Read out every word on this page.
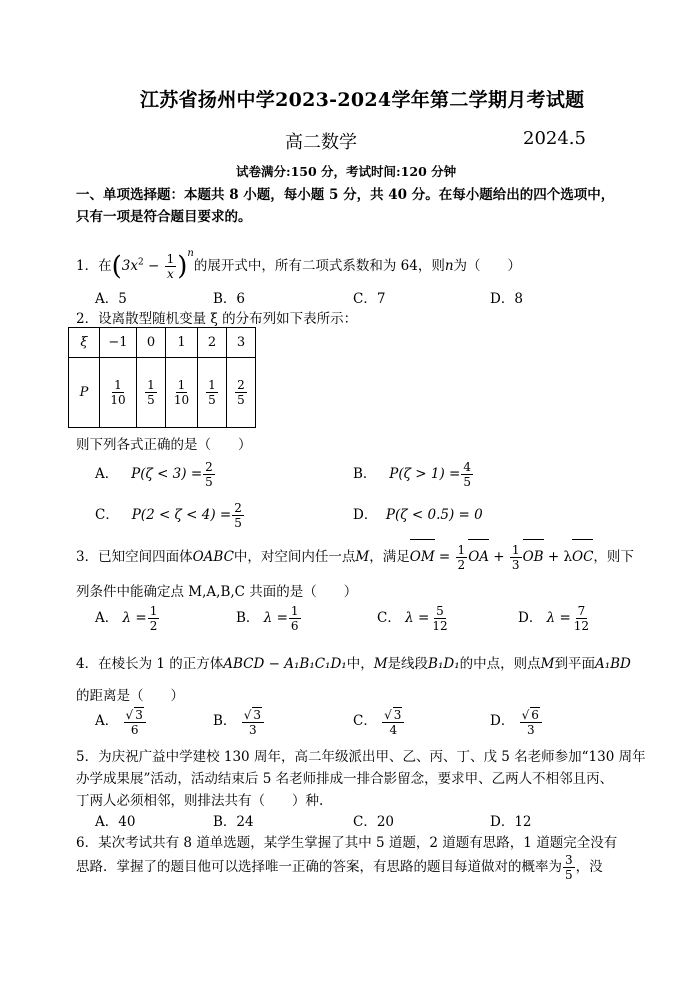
江苏省扬州中学2023-2024学年第二学期月考试题
高二数学	2024.5
试卷满分:150 分，考试时间:120 分钟
一、单项选择题：本题共 8 小题，每小题 5 分，共 40 分。在每小题给出的四个选项中，
只有一项是符合题目要求的。
1．在$(3x^2 - \frac{1}{x} )^n$的展开式中，所有二项式系数和为 64，则n为（　　）
A．5	B．6	C．7	D．8
2．设离散型随机变量 ξ 的分布列如下表所示：
ξ	−1	0	1	2	3
P	$\frac{1}{10}$	$\frac{1}{5}$	$\frac{1}{10}$	$\frac{1}{5}$	$\frac{2}{5}$
则下列各式正确的是（　　）
A． $P(\zeta < 3) = \frac{2}{5}$	B． $P(\zeta > 1) = \frac{4}{5}$
C． $P(2 < \zeta < 4) = \frac{2}{5}$	D． P(ζ < 0.5) = 0
3．已知空间四面体OABC中，对空间内任一点M，满足OM = $\frac{1}{2}$ OA + $\frac{1}{3}$ OB + λOC，则下
列条件中能确定点 M,A,B,C 共面的是（　　）
A． $\lambda = \frac{1}{2}$	B． $\lambda = \frac{1}{6}$	C． $\lambda = \frac{5}{12}$	D． $\lambda = \frac{7}{12}$
4．在棱长为 1 的正方体ABCD − A₁B₁C₁D₁中，M是线段B₁D₁的中点，则点M到平面A₁BD
的距离是（　　）
A． $\frac{√ 3}{6}$	B． $\frac{√ 3}{3}$	C． $\frac{√ 3}{4}$	D． $\frac{√ 6}{3}$
5．为庆祝广益中学建校 130 周年，高二年级派出甲、乙、丙、丁、戊 5 名老师参加“130 周年
办学成果展”活动，活动结束后 5 名老师排成一排合影留念，要求甲、乙两人不相邻且丙、
丁两人必须相邻，则排法共有（　　）种.
A．40	B．24	C．20	D．12
6．某次考试共有 8 道单选题，某学生掌握了其中 5 道题，2 道题有思路，1 道题完全没有
思路．掌握了的题目他可以选择唯一正确的答案，有思路的题目每道做对的概率为 $\frac{3}{5}$ ，没
